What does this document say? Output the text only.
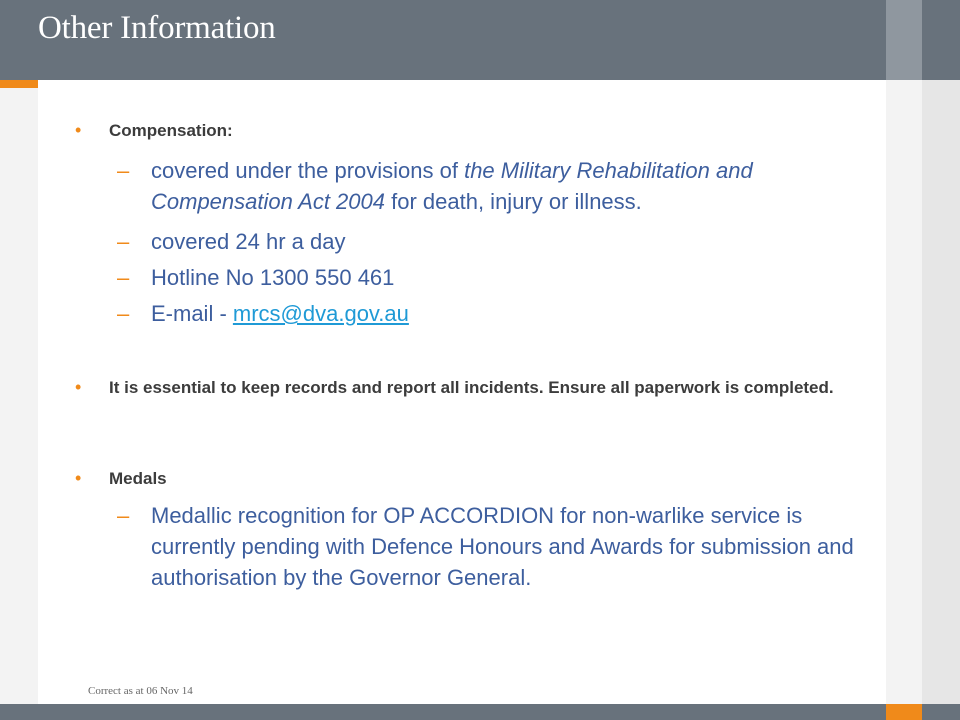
Other Information
• Compensation:
– covered under the provisions of the Military Rehabilitation and Compensation Act 2004 for death, injury or illness.
– covered 24 hr a day
– Hotline No 1300 550 461
– E-mail - mrcs@dva.gov.au
• It is essential to keep records and report all incidents. Ensure all paperwork is completed.
• Medals
– Medallic recognition for OP ACCORDION for non-warlike service is currently pending with Defence Honours and Awards for submission and authorisation by the Governor General.
Correct as at 06 Nov 14
